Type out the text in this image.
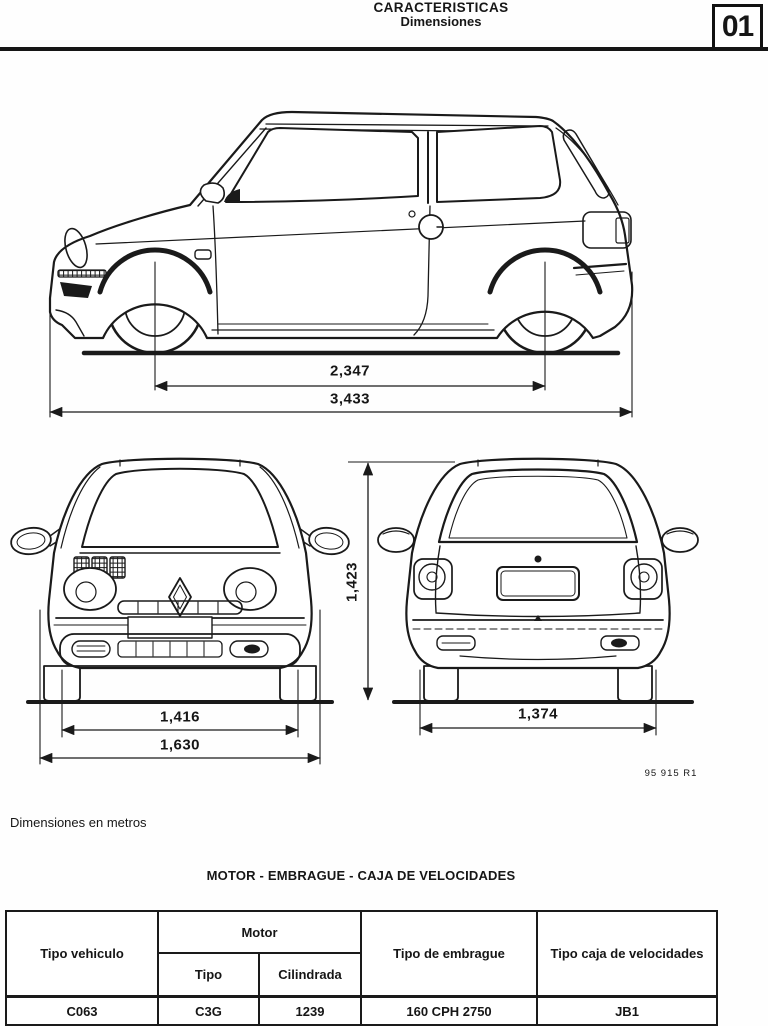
CARACTERISTICAS
Dimensiones	01
2,347
3,433
1,423
1,416
1,630
1,374
95 915 R1
Dimensiones en metros
MOTOR - EMBRAGUE - CAJA DE VELOCIDADES
Tipo vehiculo	Motor		Tipo de embrague	Tipo caja de velocidades
	Tipo	Cilindrada		
C063	C3G	1239	160 CPH 2750	JB1
